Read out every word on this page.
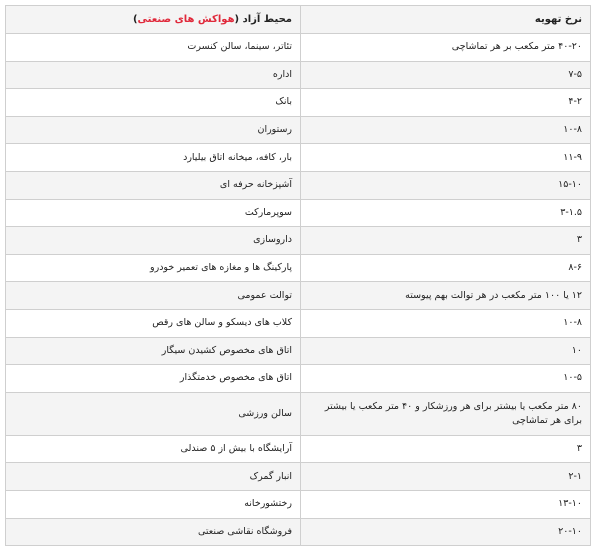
نرخ تهویه	محیط آزاد (هواکش های صنعتی)
۴۰-۲۰ متر مکعب بر هر تماشاچی	تئاتر، سینما، سالن کنسرت
۷-۵	اداره
۴-۲	بانک
۱۰-۸	رستوران
۱۱-۹	بار، کافه، میخانه اتاق بیلیارد
۱۵-۱۰	آشپزخانه حرفه ای
۳-۱.۵	سوپرمارکت
۳	داروسازی
۸-۶	پارکینگ ها و مغازه های تعمیر خودرو
۱۲ یا ۱۰۰ متر مکعب در هر توالت بهم پیوسته	توالت عمومی
۱۰-۸	کلاب های دیسکو و سالن های رقص
۱۰	اتاق های مخصوص کشیدن سیگار
۱۰-۵	اتاق های مخصوص خدمتگذار
۸۰ متر مکعب یا بیشتر برای هر ورزشکار و ۴۰ متر مکعب یا بیشتر برای هر تماشاچی	سالن ورزشی
۳	آرایشگاه با بیش از ۵ صندلی
۲-۱	انبار گمرک
۱۳-۱۰	رختشورخانه
۲۰-۱۰	فروشگاه نقاشی صنعتی
